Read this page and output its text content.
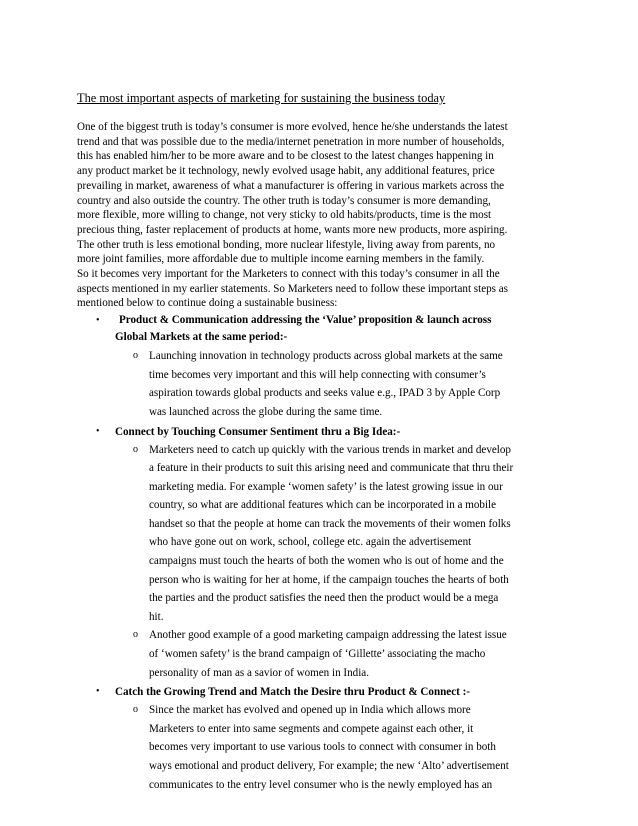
The most important aspects of marketing for sustaining the business today
One of the biggest truth is today’s consumer is more evolved, hence he/she understands the latest
trend and that was possible due to the media/internet penetration in more number of households,
this has enabled him/her to be more aware and to be closest to the latest changes happening in
any product market be it technology, newly evolved usage habit, any additional features, price
prevailing in market, awareness of what a manufacturer is offering in various markets across the
country and also outside the country. The other truth is today’s consumer is more demanding,
more flexible, more willing to change, not very sticky to old habits/products, time is the most
precious thing, faster replacement of products at home, wants more new products, more aspiring.
The other truth is less emotional bonding, more nuclear lifestyle, living away from parents, no
more joint families, more affordable due to multiple income earning members in the family.
So it becomes very important for the Marketers to connect with this today’s consumer in all the
aspects mentioned in my earlier statements. So Marketers need to follow these important steps as
mentioned below to continue doing a sustainable business:
•	Product & Communication addressing the ‘Value’ proposition & launch across
Global Markets at the same period:-
o Launching innovation in technology products across global markets at the same
time becomes very important and this will help connecting with consumer’s
aspiration towards global products and seeks value e.g., IPAD 3 by Apple Corp
was launched across the globe during the same time.
• Connect by Touching Consumer Sentiment thru a Big Idea:-
o Marketers need to catch up quickly with the various trends in market and develop
a feature in their products to suit this arising need and communicate that thru their
marketing media. For example ‘women safety’ is the latest growing issue in our
country, so what are additional features which can be incorporated in a mobile
handset so that the people at home can track the movements of their women folks
who have gone out on work, school, college etc. again the advertisement
campaigns must touch the hearts of both the women who is out of home and the
person who is waiting for her at home, if the campaign touches the hearts of both
the parties and the product satisfies the need then the product would be a mega
hit.
o Another good example of a good marketing campaign addressing the latest issue
of ‘women safety’ is the brand campaign of ‘Gillette’ associating the macho
personality of man as a savior of women in India.
• Catch the Growing Trend and Match the Desire thru Product & Connect :-
o Since the market has evolved and opened up in India which allows more
Marketers to enter into same segments and compete against each other, it
becomes very important to use various tools to connect with consumer in both
ways emotional and product delivery, For example; the new ‘Alto’ advertisement
communicates to the entry level consumer who is the newly employed has an
